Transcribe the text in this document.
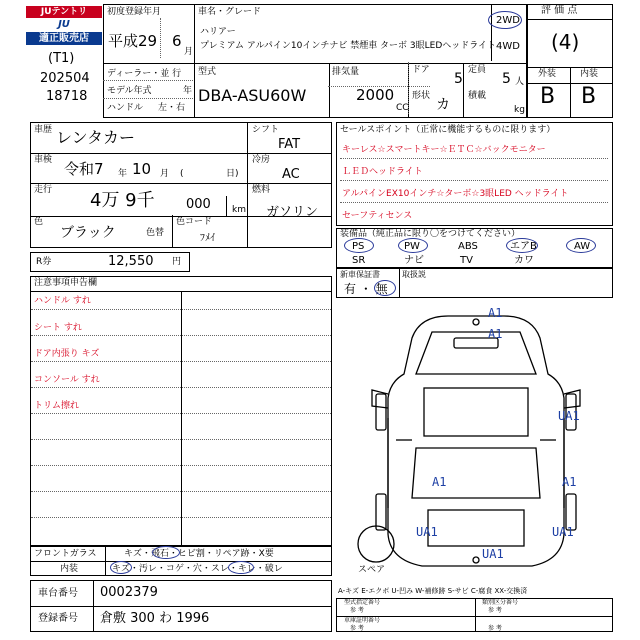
JUテントリ
JU
適正販売店
(T1)
202504
18718
初度登録年月
平成29 6
月
車名・グレード
ハリアー
プレミアム アルパイン10インチナビ 禁煙車 ターボ 3眼LEDヘッドライト
2WD
4WD
ディーラー・並 行
モデル年式	年
ハンドル 左・右
型式
DBA-ASU60W
排気量
2000
CC
ドア
5
定員
5 人
形状
カ
積載
kg
評 価 点
(4)
外装	内装
B B
車歴 レンタカー
車検 令和7 年 10 月 (	日)
走行 4万 9千 000 km
色
ブラック	色替
色コード
ﾌﾒｲ
シフト
FAT
冷房
AC
燃料
ガソリン
R券	12,550 円
セールスポイント（正常に機能するものに限ります）
キーレス☆スマートキー☆ＥＴＣ☆バックモニター
ＬＥＤヘッドライト
アルパインEX10インチ☆ターボ☆3眼LED ヘッドライト
セーフティセンス
装備品（純正品に限り〇をつけてください）
PS	PW	ABS	エアB	AW
SR	ナビ	TV	カワ
新車保証書
有 ・ 無
取扱説
注意事項申告欄
ハンドル すれ
シート すれ
ドア内張り キズ
コンソール すれ
トリム擦れ
フロントガラス	キズ・飛石・ヒビ割・リペア跡・X要
内装	キズ・汚レ・コゲ・穴・スレ・キレ・破レ
車台番号 0002379
登録番号 倉敷 300 わ 1996
A1
A1
UA1
A1	A1
UA1	UA1
UA1
スペア
A-キズ E-エクボ U-凹み W-補修跡 S-サビ C-腐食 XX-交換済
型式指定番号	類別区分番号
参 考	参 考
車庫証明番号
参 考	参 考
